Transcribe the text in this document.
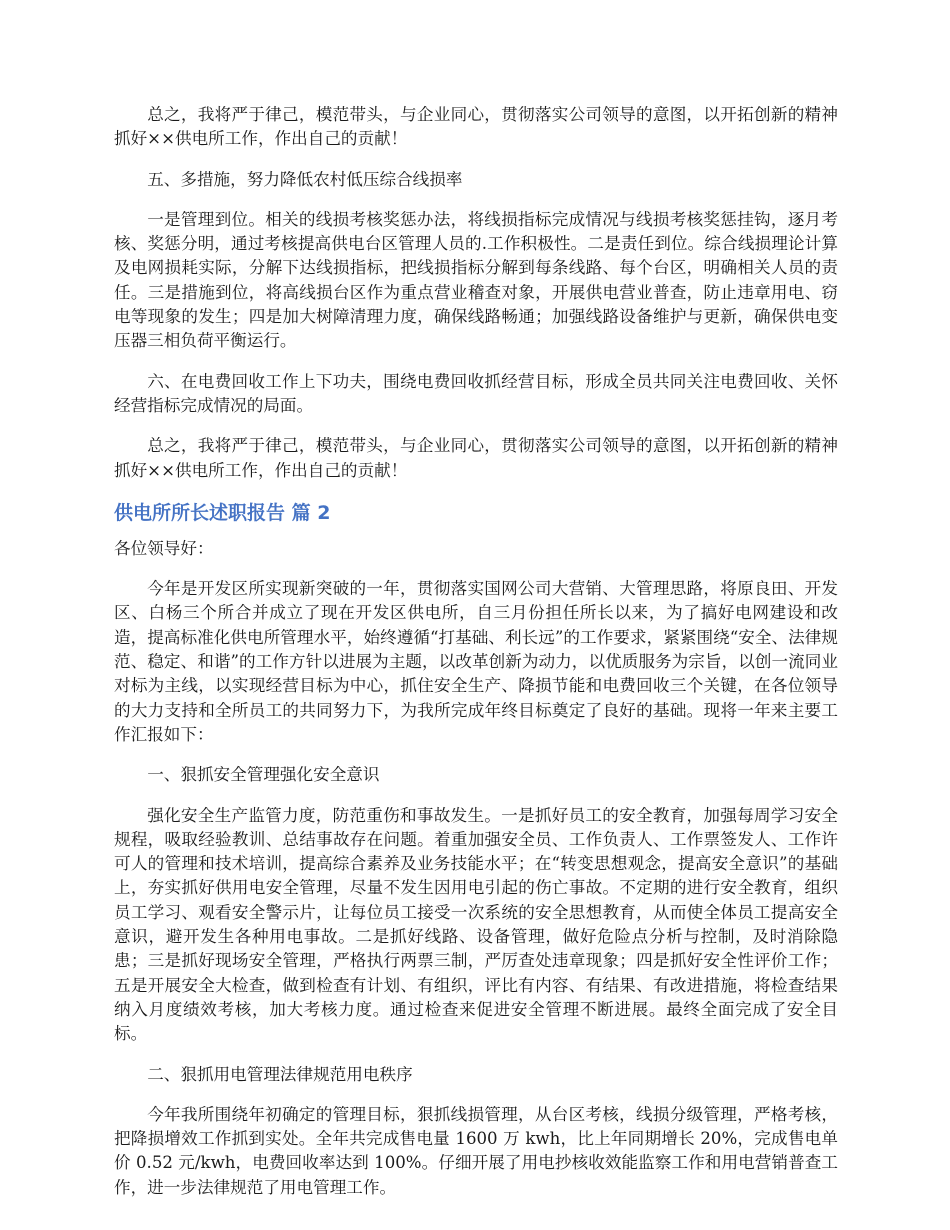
总之，我将严于律己，模范带头，与企业同心，贯彻落实公司领导的意图，以开拓创新的精神抓好××供电所工作，作出自己的贡献！

五、多措施，努力降低农村低压综合线损率

一是管理到位。相关的线损考核奖惩办法，将线损指标完成情况与线损考核奖惩挂钩，逐月考核、奖惩分明，通过考核提高供电台区管理人员的.工作积极性。二是责任到位。综合线损理论计算及电网损耗实际，分解下达线损指标，把线损指标分解到每条线路、每个台区，明确相关人员的责任。三是措施到位，将高线损台区作为重点营业稽查对象，开展供电营业普查，防止违章用电、窃电等现象的发生；四是加大树障清理力度，确保线路畅通；加强线路设备维护与更新，确保供电变压器三相负荷平衡运行。

六、在电费回收工作上下功夫，围绕电费回收抓经营目标，形成全员共同关注电费回收、关怀经营指标完成情况的局面。

总之，我将严于律己，模范带头，与企业同心，贯彻落实公司领导的意图，以开拓创新的精神抓好××供电所工作，作出自己的贡献！

供电所所长述职报告 篇 2

各位领导好：

今年是开发区所实现新突破的一年，贯彻落实国网公司大营销、大管理思路，将原良田、开发区、白杨三个所合并成立了现在开发区供电所，自三月份担任所长以来，为了搞好电网建设和改造，提高标准化供电所管理水平，始终遵循“打基础、利长远”的工作要求，紧紧围绕“安全、法律规范、稳定、和谐”的工作方针以进展为主题，以改革创新为动力，以优质服务为宗旨，以创一流同业对标为主线，以实现经营目标为中心，抓住安全生产、降损节能和电费回收三个关键，在各位领导的大力支持和全所员工的共同努力下，为我所完成年终目标奠定了良好的基础。现将一年来主要工作汇报如下：

一、狠抓安全管理强化安全意识

强化安全生产监管力度，防范重伤和事故发生。一是抓好员工的安全教育，加强每周学习安全规程，吸取经验教训、总结事故存在问题。着重加强安全员、工作负责人、工作票签发人、工作许可人的管理和技术培训，提高综合素养及业务技能水平；在“转变思想观念，提高安全意识”的基础上，夯实抓好供用电安全管理，尽量不发生因用电引起的伤亡事故。不定期的进行安全教育，组织员工学习、观看安全警示片，让每位员工接受一次系统的安全思想教育，从而使全体员工提高安全意识，避开发生各种用电事故。二是抓好线路、设备管理，做好危险点分析与控制，及时消除隐患；三是抓好现场安全管理，严格执行两票三制，严厉查处违章现象；四是抓好安全性评价工作；五是开展安全大检查，做到检查有计划、有组织，评比有内容、有结果、有改进措施，将检查结果纳入月度绩效考核，加大考核力度。通过检查来促进安全管理不断进展。最终全面完成了安全目标。

二、狠抓用电管理法律规范用电秩序

今年我所围绕年初确定的管理目标，狠抓线损管理，从台区考核，线损分级管理，严格考核，把降损增效工作抓到实处。全年共完成售电量 1600 万 kwh，比上年同期增长 20%，完成售电单价 0.52 元/kwh，电费回收率达到 100%。仔细开展了用电抄核收效能监察工作和用电营销普查工作，进一步法律规范了用电管理工作。
